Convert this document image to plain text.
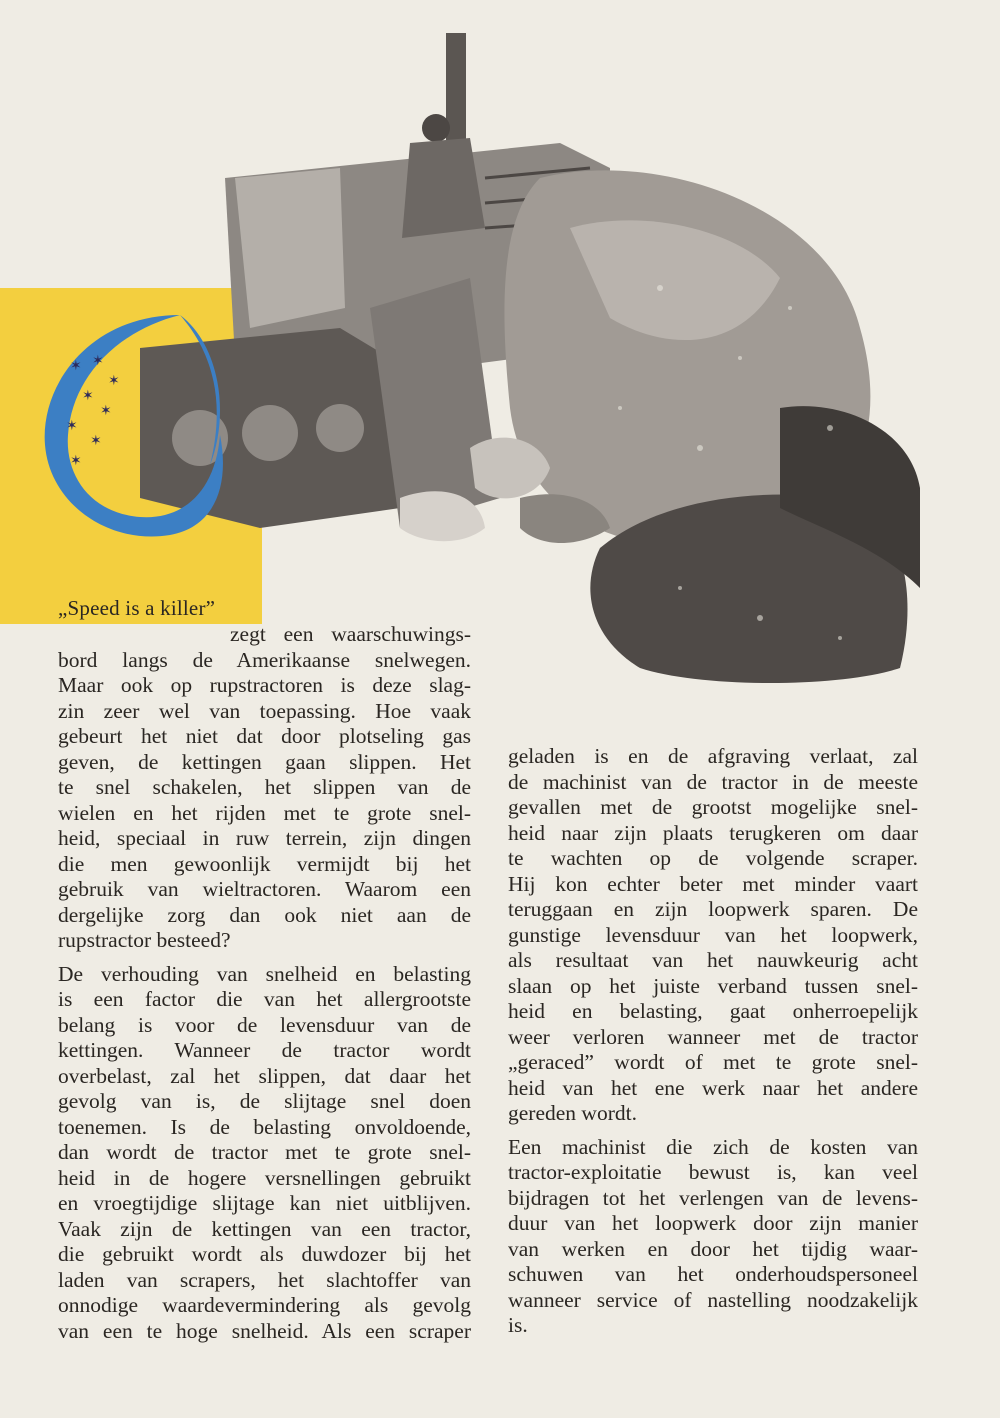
✶ ✶
✶
✶
✶
✶
✶
✶
„Speed is a killer”

zegt een waarschuwings-

bord langs de Amerikaanse snelwegen.

Maar ook op rupstractoren is deze slag-

zin zeer wel van toepassing. Hoe vaak

gebeurt het niet dat door plotseling gas

geven, de kettingen gaan slippen. Het

te snel schakelen, het slippen van de

wielen en het rijden met te grote snel-

heid, speciaal in ruw terrein, zijn dingen

die men gewoonlijk vermijdt bij het

gebruik van wieltractoren. Waarom een

dergelijke zorg dan ook niet aan de

rupstractor besteed?

De verhouding van snelheid en belasting

is een factor die van het allergrootste

belang is voor de levensduur van de

kettingen. Wanneer de tractor wordt

overbelast, zal het slippen, dat daar het

gevolg van is, de slijtage snel doen

toenemen. Is de belasting onvoldoende,

dan wordt de tractor met te grote snel-

heid in de hogere versnellingen gebruikt

en vroegtijdige slijtage kan niet uitblijven.

Vaak zijn de kettingen van een tractor,

die gebruikt wordt als duwdozer bij het

laden van scrapers, het slachtoffer van

onnodige waardevermindering als gevolg

van een te hoge snelheid. Als een scraper

geladen is en de afgraving verlaat, zal

de machinist van de tractor in de meeste

gevallen met de grootst mogelijke snel-

heid naar zijn plaats terugkeren om daar

te wachten op de volgende scraper.

Hij kon echter beter met minder vaart

teruggaan en zijn loopwerk sparen. De

gunstige levensduur van het loopwerk,

als resultaat van het nauwkeurig acht

slaan op het juiste verband tussen snel-

heid en belasting, gaat onherroepelijk

weer verloren wanneer met de tractor

„geraced” wordt of met te grote snel-

heid van het ene werk naar het andere

gereden wordt.

Een machinist die zich de kosten van

tractor-exploitatie bewust is, kan veel

bijdragen tot het verlengen van de levens-

duur van het loopwerk door zijn manier

van werken en door het tijdig waar-

schuwen van het onderhoudspersoneel

wanneer service of nastelling noodzakelijk

is.
